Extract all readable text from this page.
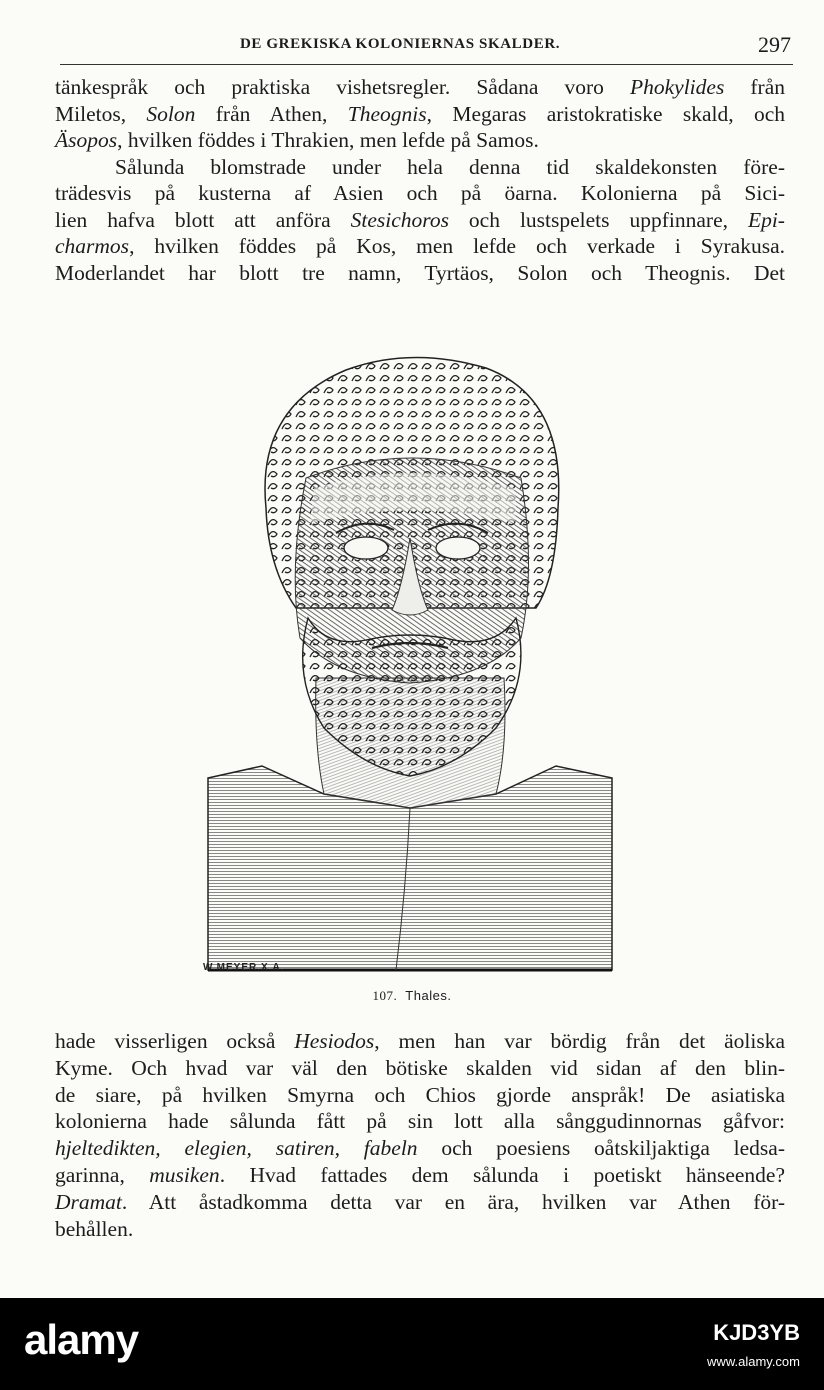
DE GREKISKA KOLONIERNAS SKALDER.	297
tänkespråk och praktiska vishetsregler. Sådana voro Phokylides från
Miletos, Solon från Athen, Theognis, Megaras aristokratiske skald, och
Äsopos, hvilken föddes i Thrakien, men lefde på Samos.
Sålunda blomstrade under hela denna tid skaldekonsten före-
trädesvis på kusterna af Asien och på öarna. Kolonierna på Sici-
lien hafva blott att anföra Stesichoros och lustspelets uppfinnare, Epi-
charmos, hvilken föddes på Kos, men lefde och verkade i Syrakusa.
Moderlandet har blott tre namn, Tyrtäos, Solon och Theognis. Det
W.MEYER.X.A.
107. Thales.
hade visserligen också Hesiodos, men han var bördig från det äoliska
Kyme. Och hvad var väl den bötiske skalden vid sidan af den blin-
de siare, på hvilken Smyrna och Chios gjorde anspråk! De asiatiska
kolonierna hade sålunda fått på sin lott alla sånggudinnornas gåfvor:
hjeltedikten, elegien, satiren, fabeln och poesiens oåtskiljaktiga ledsa-
garinna, musiken. Hvad fattades dem sålunda i poetiskt hänseende?
Dramat. Att åstadkomma detta var en ära, hvilken var Athen för-
behållen.
alamy	KJD3YB
www.alamy.com
